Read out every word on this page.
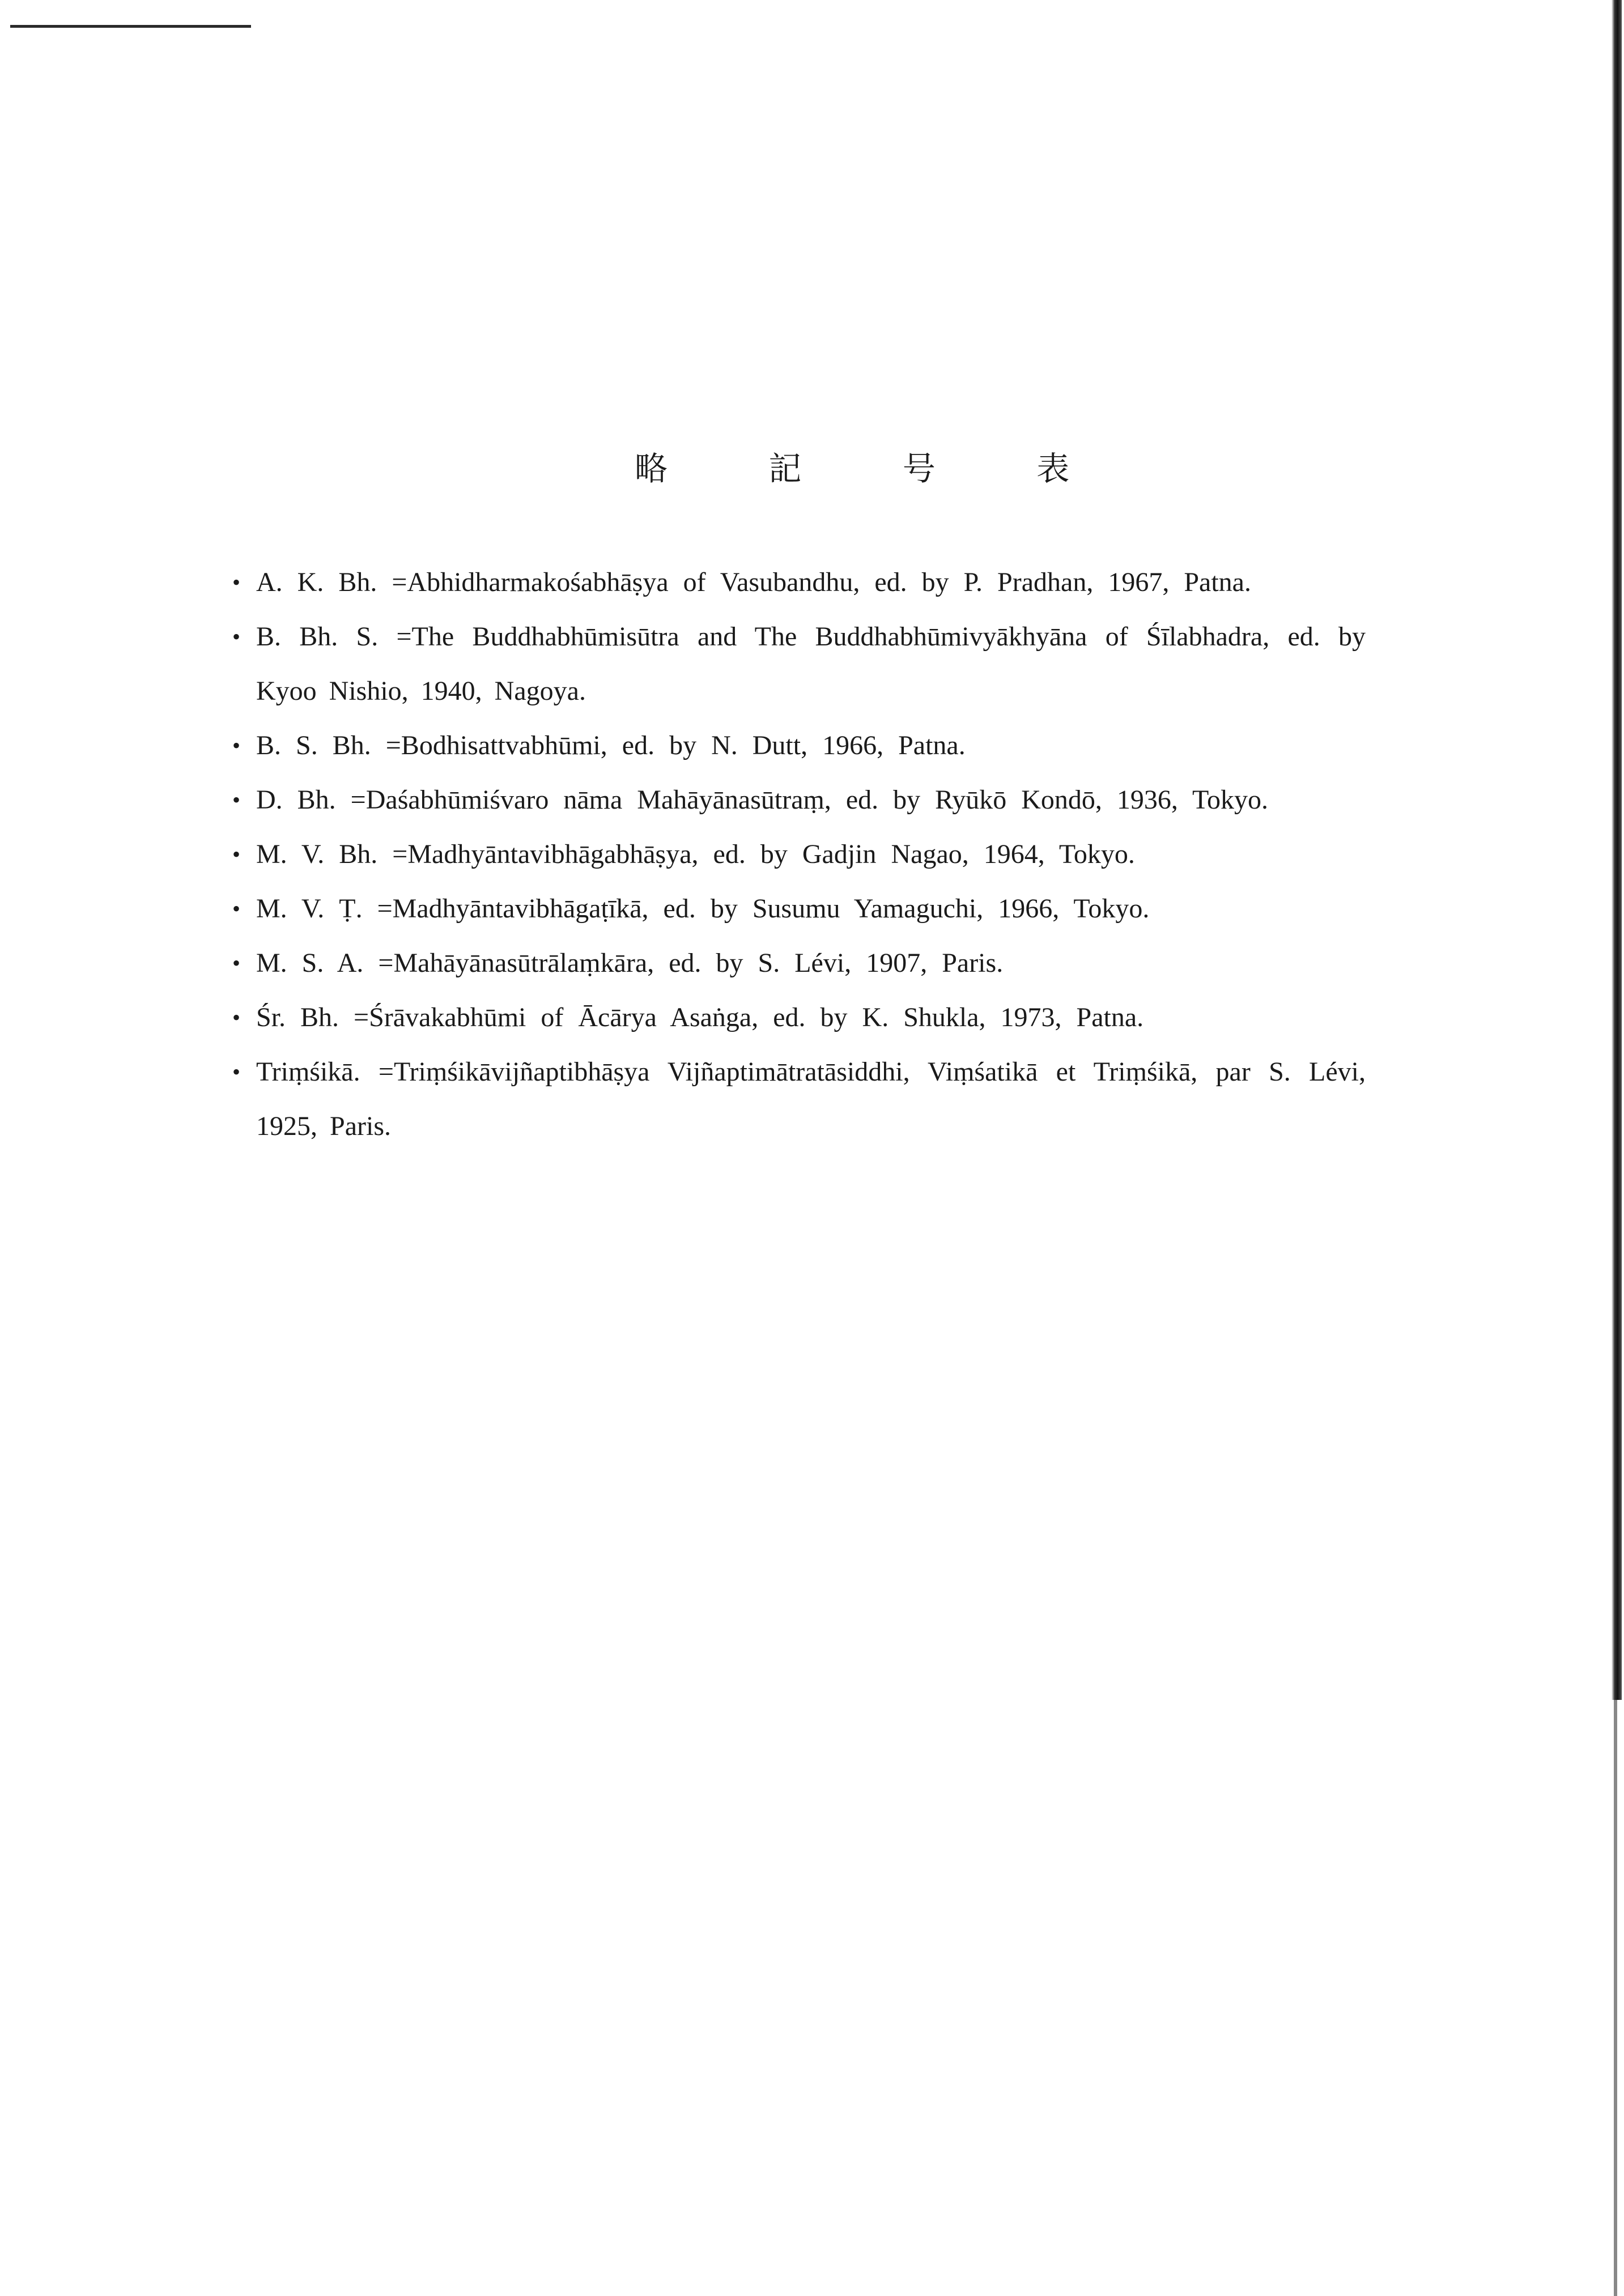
略 記 号 表
• A. K. Bh. =Abhidharmakośabhāṣya of Vasubandhu, ed. by P. Pradhan, 1967, Patna.
• B. Bh. S. =The Buddhabhūmisūtra and The Buddhabhūmivyākhyāna of Śīlabhadra, ed. by Kyoo Nishio, 1940, Nagoya.
• B. S. Bh. =Bodhisattvabhūmi, ed. by N. Dutt, 1966, Patna.
• D. Bh. =Daśabhūmiśvaro nāma Mahāyānasūtraṃ, ed. by Ryūkō Kondō, 1936, Tokyo.
• M. V. Bh. =Madhyāntavibhāgabhāṣya, ed. by Gadjin Nagao, 1964, Tokyo.
• M. V. Ṭ. =Madhyāntavibhāgaṭīkā, ed. by Susumu Yamaguchi, 1966, Tokyo.
• M. S. A. =Mahāyānasūtrālaṃkāra, ed. by S. Lévi, 1907, Paris.
• Śr. Bh. =Śrāvakabhūmi of Ācārya Asaṅga, ed. by K. Shukla, 1973, Patna.
• Triṃśikā. =Triṃśikāvijñaptibhāṣya Vijñaptimātratāsiddhi, Viṃśatikā et Triṃśikā, par S. Lévi, 1925, Paris.
